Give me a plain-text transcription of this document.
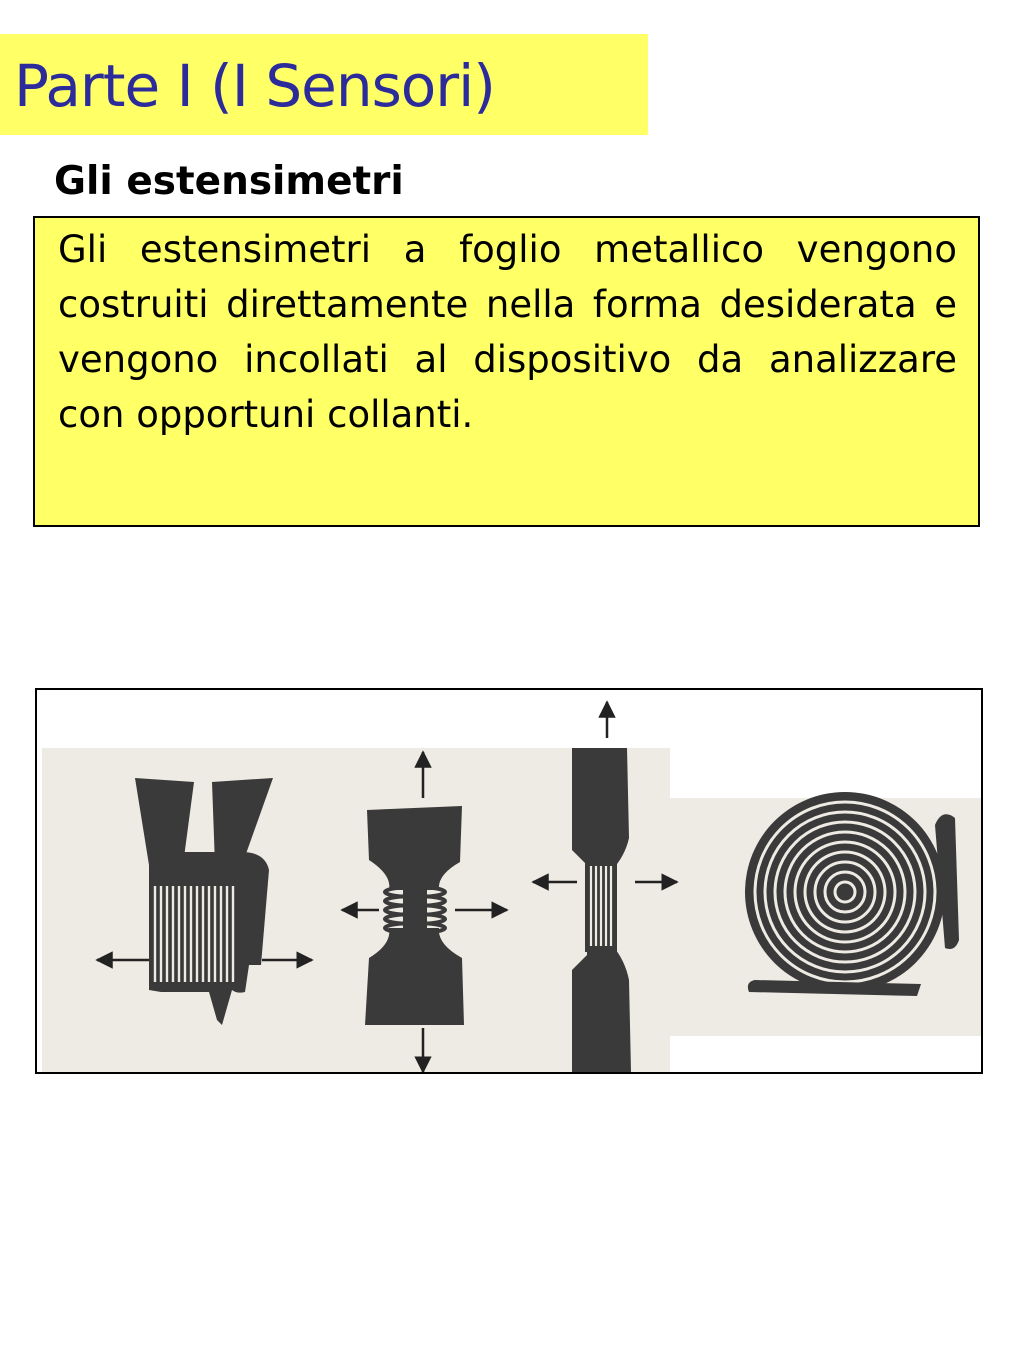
Parte I (I Sensori)
Gli estensimetri

Gli estensimetri a foglio metallico vengono costruiti direttamente nella forma desiderata e vengono incollati al dispositivo da analizzare con opportuni collanti.
